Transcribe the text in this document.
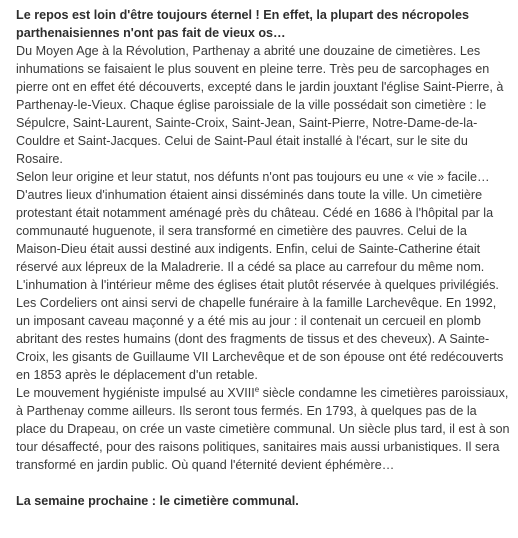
Le repos est loin d'être toujours éternel ! En effet, la plupart des nécropoles parthenaisiennes n'ont pas fait de vieux os…

Du Moyen Age à la Révolution, Parthenay a abrité une douzaine de cimetières. Les inhumations se faisaient le plus souvent en pleine terre. Très peu de sarcophages en pierre ont en effet été découverts, excepté dans le jardin jouxtant l'église Saint-Pierre, à Parthenay-le-Vieux. Chaque église paroissiale de la ville possédait son cimetière : le Sépulcre, Saint-Laurent, Sainte-Croix, Saint-Jean, Saint-Pierre, Notre-Dame-de-la-Couldre et Saint-Jacques. Celui de Saint-Paul était installé à l'écart, sur le site du Rosaire.

Selon leur origine et leur statut, nos défunts n'ont pas toujours eu une « vie » facile… D'autres lieux d'inhumation étaient ainsi disséminés dans toute la ville. Un cimetière protestant était notamment aménagé près du château. Cédé en 1686 à l'hôpital par la communauté huguenote, il sera transformé en cimetière des pauvres. Celui de la Maison-Dieu était aussi destiné aux indigents. Enfin, celui de Sainte-Catherine était réservé aux lépreux de la Maladrerie. Il a cédé sa place au carrefour du même nom. L'inhumation à l'intérieur même des églises était plutôt réservée à quelques privilégiés. Les Cordeliers ont ainsi servi de chapelle funéraire à la famille Larchevêque. En 1992, un imposant caveau maçonné y a été mis au jour : il contenait un cercueil en plomb abritant des restes humains (dont des fragments de tissus et des cheveux). A Sainte-Croix, les gisants de Guillaume VII Larchevêque et de son épouse ont été redécouverts en 1853 après le déplacement d'un retable.

Le mouvement hygiéniste impulsé au XVIIIe siècle condamne les cimetières paroissiaux, à Parthenay comme ailleurs. Ils seront tous fermés. En 1793, à quelques pas de la place du Drapeau, on crée un vaste cimetière communal. Un siècle plus tard, il est à son tour désaffecté, pour des raisons politiques, sanitaires mais aussi urbanistiques. Il sera transformé en jardin public. Où quand l'éternité devient éphémère…

La semaine prochaine : le cimetière communal.
